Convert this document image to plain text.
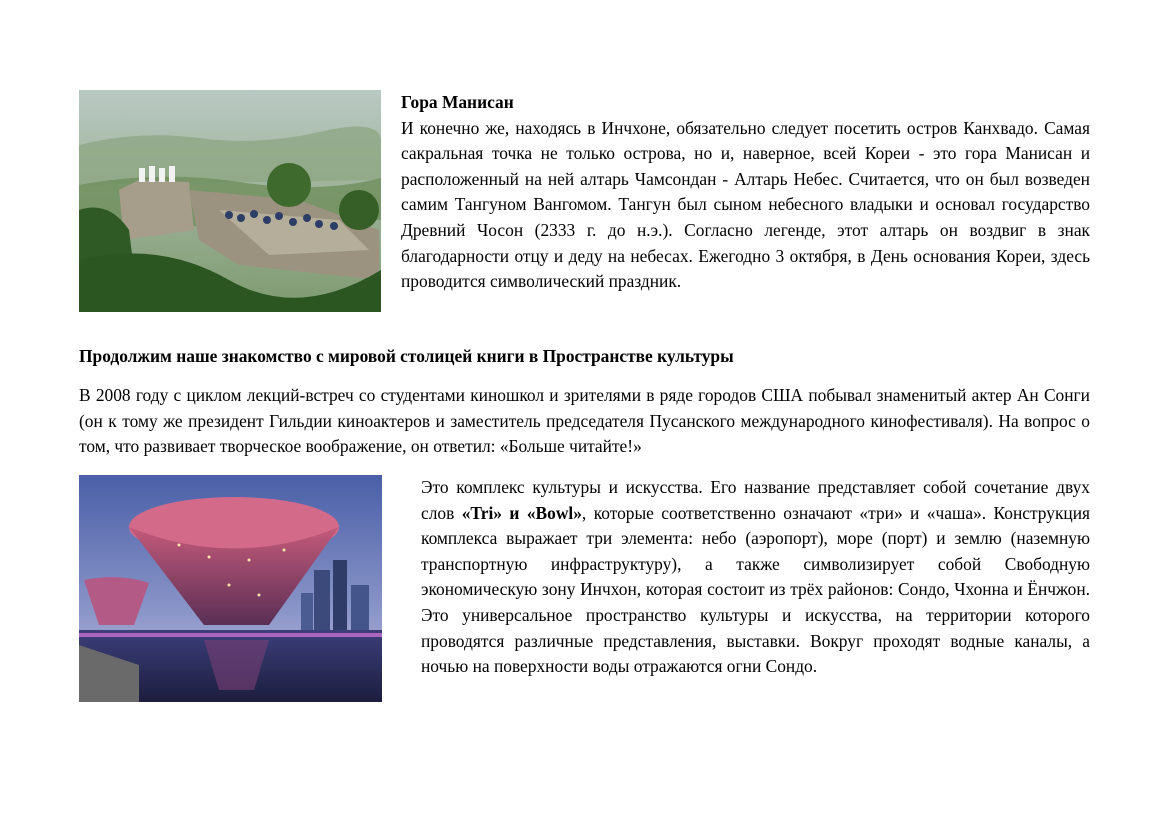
Гора Манисан
И конечно же, находясь в Инчхоне, обязательно следует посетить остров Канхвадо. Самая сакральная точка не только острова, но и, наверное, всей Кореи - это гора Манисан и расположенный на ней алтарь Чамсондан - Алтарь Небес. Считается, что он был возведен самим Тангуном Вангомом. Тангун был сыном небесного владыки и основал государство Древний Чосон (2333 г. до н.э.). Согласно легенде, этот алтарь он воздвиг в знак благодарности отцу и деду на небесах. Ежегодно 3 октября, в День основания Кореи, здесь проводится символический праздник.
Продолжим наше знакомство с мировой столицей книги в Пространстве культуры
В 2008 году с циклом лекций-встреч со студентами киношкол и зрителями в ряде городов США побывал знаменитый актер Ан Сонги (он к тому же президент Гильдии киноактеров и заместитель председателя Пусанского международного кинофестиваля). На вопрос о том, что развивает творческое воображение, он ответил: «Больше читайте!»
Это комплекс культуры и искусства. Его название представляет собой сочетание двух слов «Tri» и «Bowl», которые соответственно означают «три» и «чаша». Конструкция комплекса выражает три элемента: небо (аэропорт), море (порт) и землю (наземную транспортную инфраструктуру), а также символизирует собой Свободную экономическую зону Инчхон, которая состоит из трёх районов: Сондо, Чхонна и Ёнчжон. Это универсальное пространство культуры и искусства, на территории которого проводятся различные представления, выставки. Вокруг проходят водные каналы, а ночью на поверхности воды отражаются огни Сондо.
